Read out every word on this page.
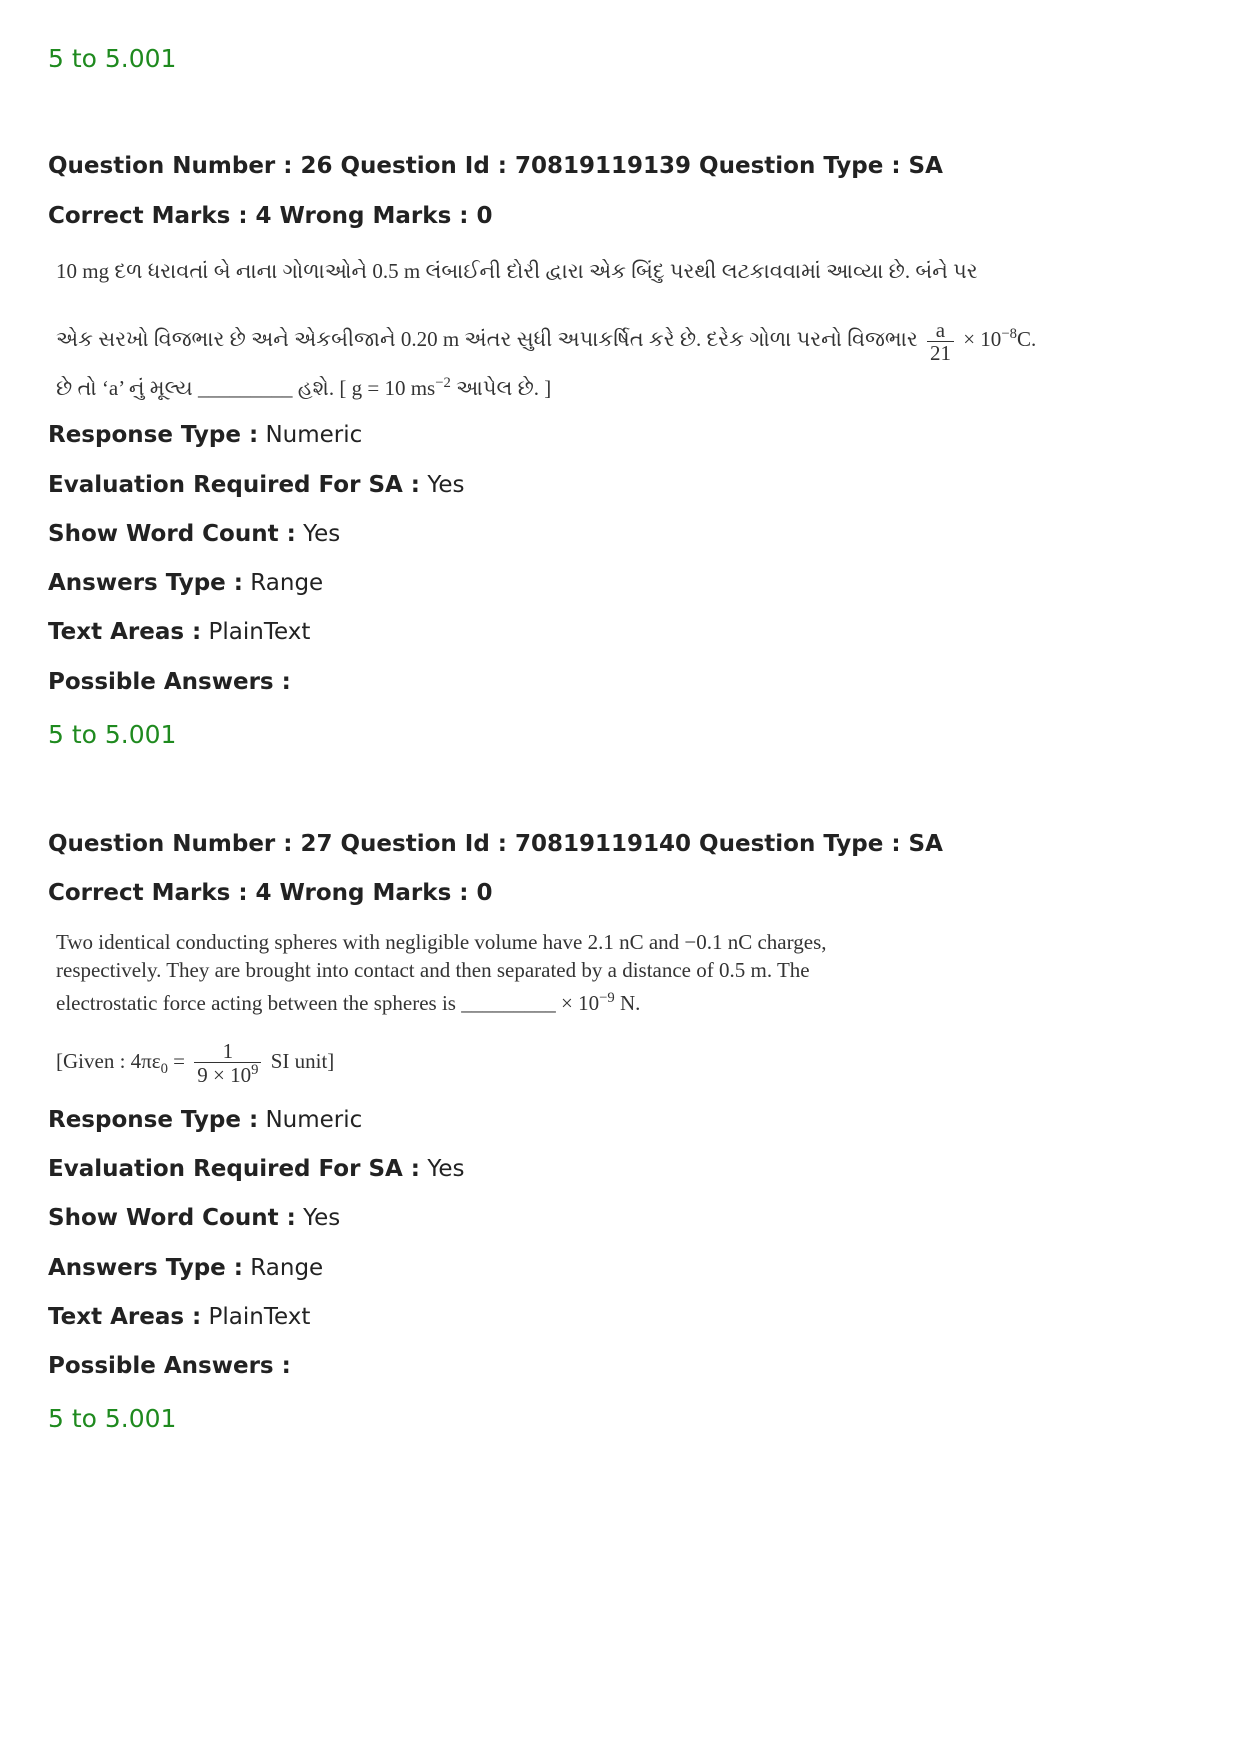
5 to 5.001
Question Number : 26 Question Id : 70819119139 Question Type : SA
Correct Marks : 4 Wrong Marks : 0
10 mg દળ ધરાવતાં બે નાના ગોળાઓને 0.5 m લંબાઈની દોરી દ્વારા એક બિંદુ પરથી લટકાવવામાં આવ્યા છે. બંને પર
એક સરખો વિજભાર છે અને એકબીજાને 0.20 m અંતર સુધી અપાકર્ષિત કરે છે. દરેક ગોળા પરનો વિજભાર $\frac{a}{21} \times 10^{-8}C$.
છે તો ‘a’ નું મૂલ્ય _________ હશે. [ g = 10 $ms^{-2}$ આપેલ છે. ]
Response Type : Numeric
Evaluation Required For SA : Yes
Show Word Count : Yes
Answers Type : Range
Text Areas : PlainText
Possible Answers :
5 to 5.001
Question Number : 27 Question Id : 70819119140 Question Type : SA
Correct Marks : 4 Wrong Marks : 0
Two identical conducting spheres with negligible volume have 2.1 nC and −0.1 nC charges,
respectively. They are brought into contact and then separated by a distance of 0.5 m. The
electrostatic force acting between the spheres is _________ × $10^{-9}$ N.
[Given : $4\pi\varepsilon_0 = \frac{1}{9 \times 10^9}$ SI unit]
Response Type : Numeric
Evaluation Required For SA : Yes
Show Word Count : Yes
Answers Type : Range
Text Areas : PlainText
Possible Answers :
5 to 5.001
